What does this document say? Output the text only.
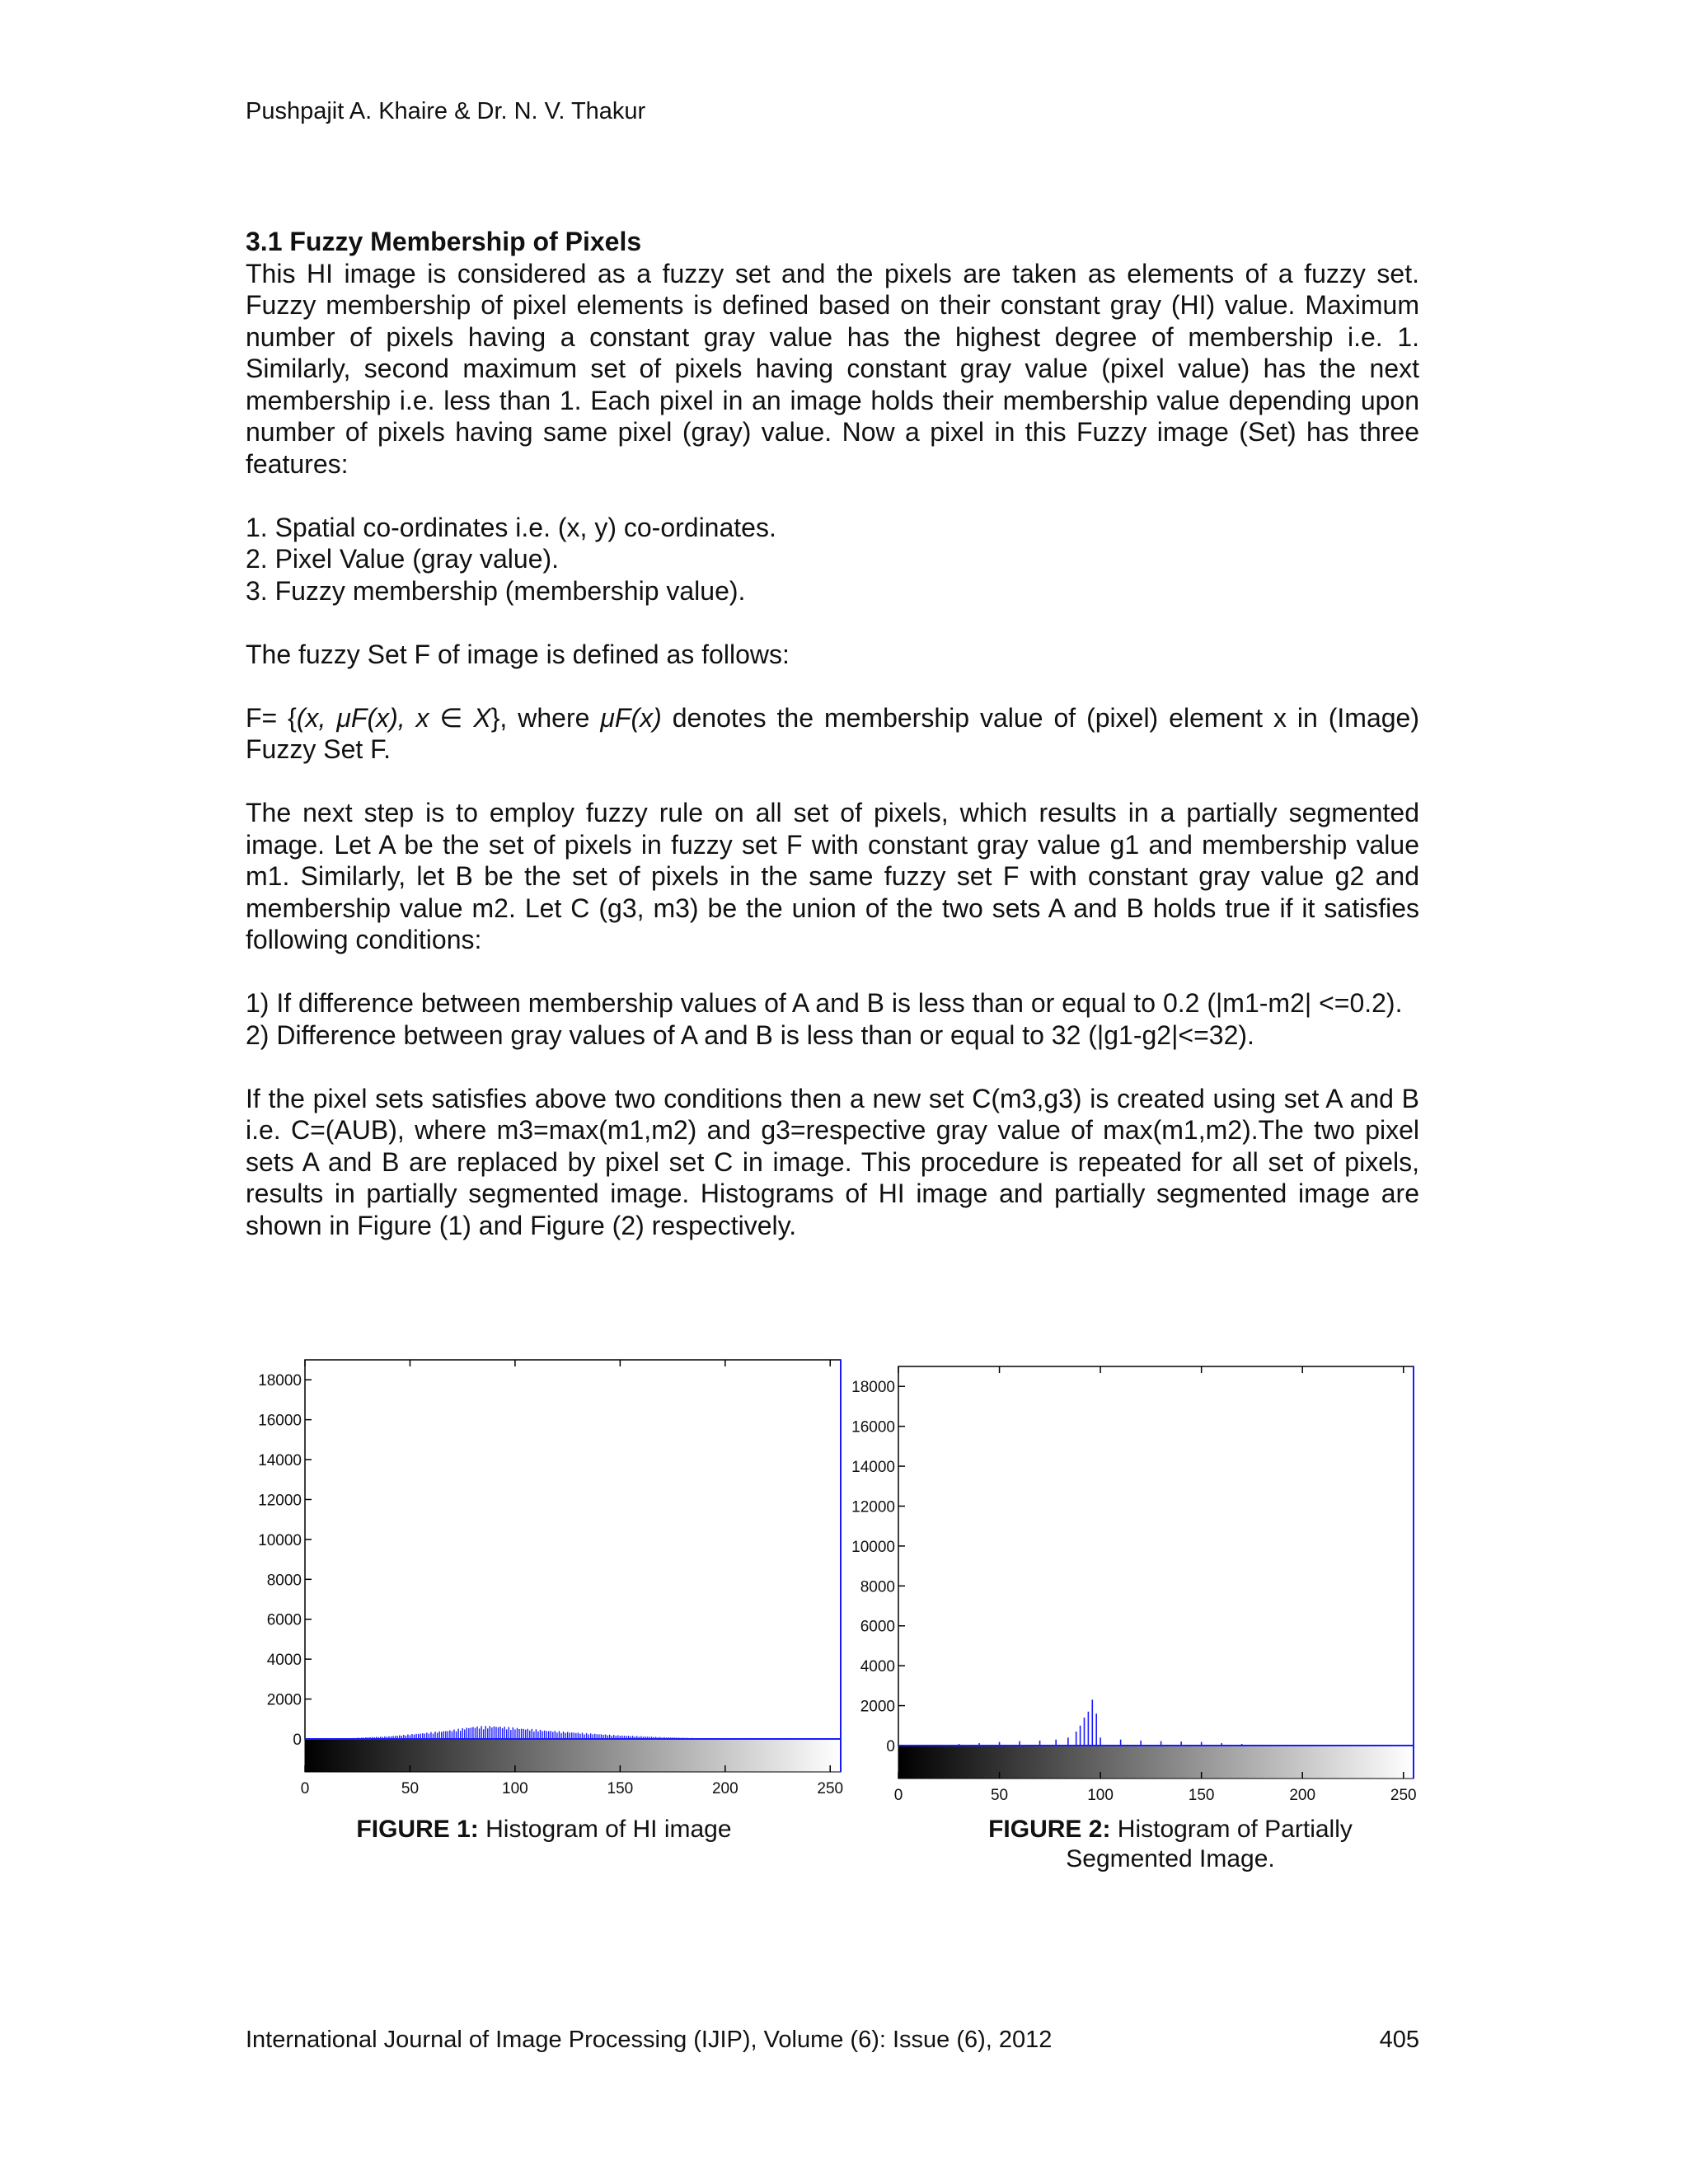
Pushpajit A. Khaire & Dr. N. V. Thakur
3.1 Fuzzy Membership of Pixels

This HI image is considered as a fuzzy set and the pixels are taken as elements of a fuzzy set. Fuzzy membership of pixel elements is defined based on their constant gray (HI) value. Maximum number of pixels having a constant gray value has the highest degree of membership i.e. 1. Similarly, second maximum set of pixels having constant gray value (pixel value) has the next membership i.e. less than 1. Each pixel in an image holds their membership value depending upon number of pixels having same pixel (gray) value. Now a pixel in this Fuzzy image (Set) has three features:

1. Spatial co-ordinates i.e. (x, y) co-ordinates.
2. Pixel Value (gray value).
3. Fuzzy membership (membership value).

The fuzzy Set F of image is defined as follows:

F= {(x, μF(x), x ∈ X}, where μF(x) denotes the membership value of (pixel) element x in (Image) Fuzzy Set F.

The next step is to employ fuzzy rule on all set of pixels, which results in a partially segmented image. Let A be the set of pixels in fuzzy set F with constant gray value g1 and membership value m1. Similarly, let B be the set of pixels in the same fuzzy set F with constant gray value g2 and membership value m2. Let C (g3, m3) be the union of the two sets A and B holds true if it satisfies following conditions:

1) If difference between membership values of A and B is less than or equal to 0.2 (|m1-m2| <=0.2).

2) Difference between gray values of A and B is less than or equal to 32 (|g1-g2|<=32).

If the pixel sets satisfies above two conditions then a new set C(m3,g3) is created using set A and B i.e. C=(AUB), where m3=max(m1,m2) and g3=respective gray value of max(m1,m2).The two pixel sets A and B are replaced by pixel set C in image. This procedure is repeated for all set of pixels, results in partially segmented image. Histograms of HI image and partially segmented image are shown in Figure (1) and Figure (2) respectively.

0
2000
4000
6000
8000
10000
12000
14000
16000
18000
0	50	100	150	200	250
0
2000
4000
6000
8000
10000
12000
14000
16000
18000
0	50	100	150	200	250
FIGURE 1: Histogram of HI image	FIGURE 2: Histogram of Partially
Segmented Image.
International Journal of Image Processing (IJIP), Volume (6): Issue (6), 2012	405
